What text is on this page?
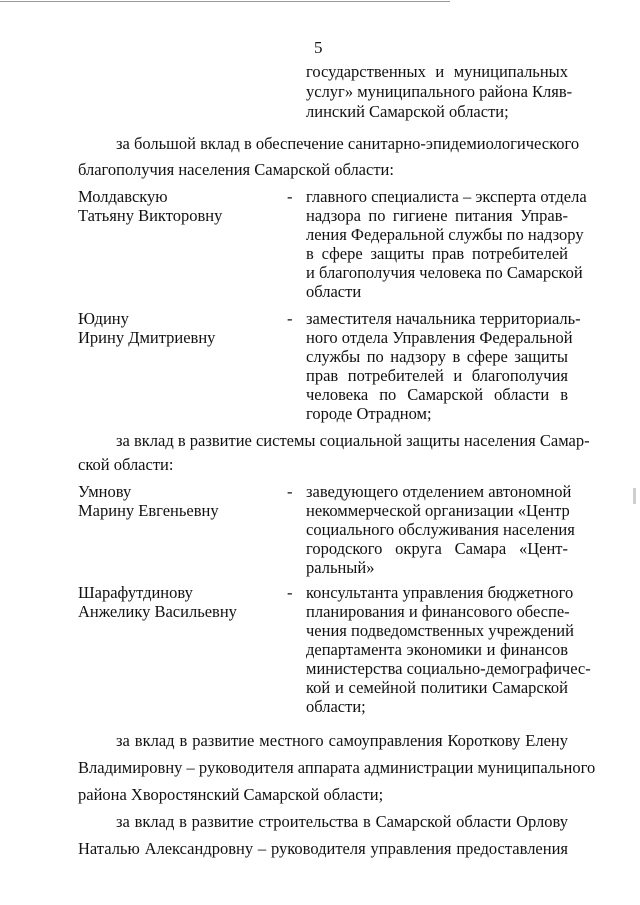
5
государственных и муниципальных
услуг» муниципального района Кляв-
линский Самарской области;
за большой вклад в обеспечение санитарно-эпидемиологического
благополучия населения Самарской области:
Молдавскую
Татьяну Викторовну
- главного специалиста – эксперта отдела
надзора по гигиене питания Управ-
ления Федеральной службы по надзору
в сфере защиты прав потребителей
и благополучия человека по Самарской
области
Юдину
Ирину Дмитриевну
- заместителя начальника территориаль-
ного отдела Управления Федеральной
службы по надзору в сфере защиты
прав потребителей и благополучия
человека по Самарской области в
городе Отрадном;
за вклад в развитие системы социальной защиты населения Самар-
ской области:
Умнову
Марину Евгеньевну
- заведующего отделением автономной
некоммерческой организации «Центр
социального обслуживания населения
городского округа Самара «Цент-
ральный»
Шарафутдинову
Анжелику Васильевну
- консультанта управления бюджетного
планирования и финансового обеспе-
чения подведомственных учреждений
департамента экономики и финансов
министерства социально-демографичес-
кой и семейной политики Самарской
области;
за вклад в развитие местного самоуправления Короткову Елену
Владимировну – руководителя аппарата администрации муниципального
района Хворостянский Самарской области;
за вклад в развитие строительства в Самарской области Орлову
Наталью Александровну – руководителя управления предоставления
